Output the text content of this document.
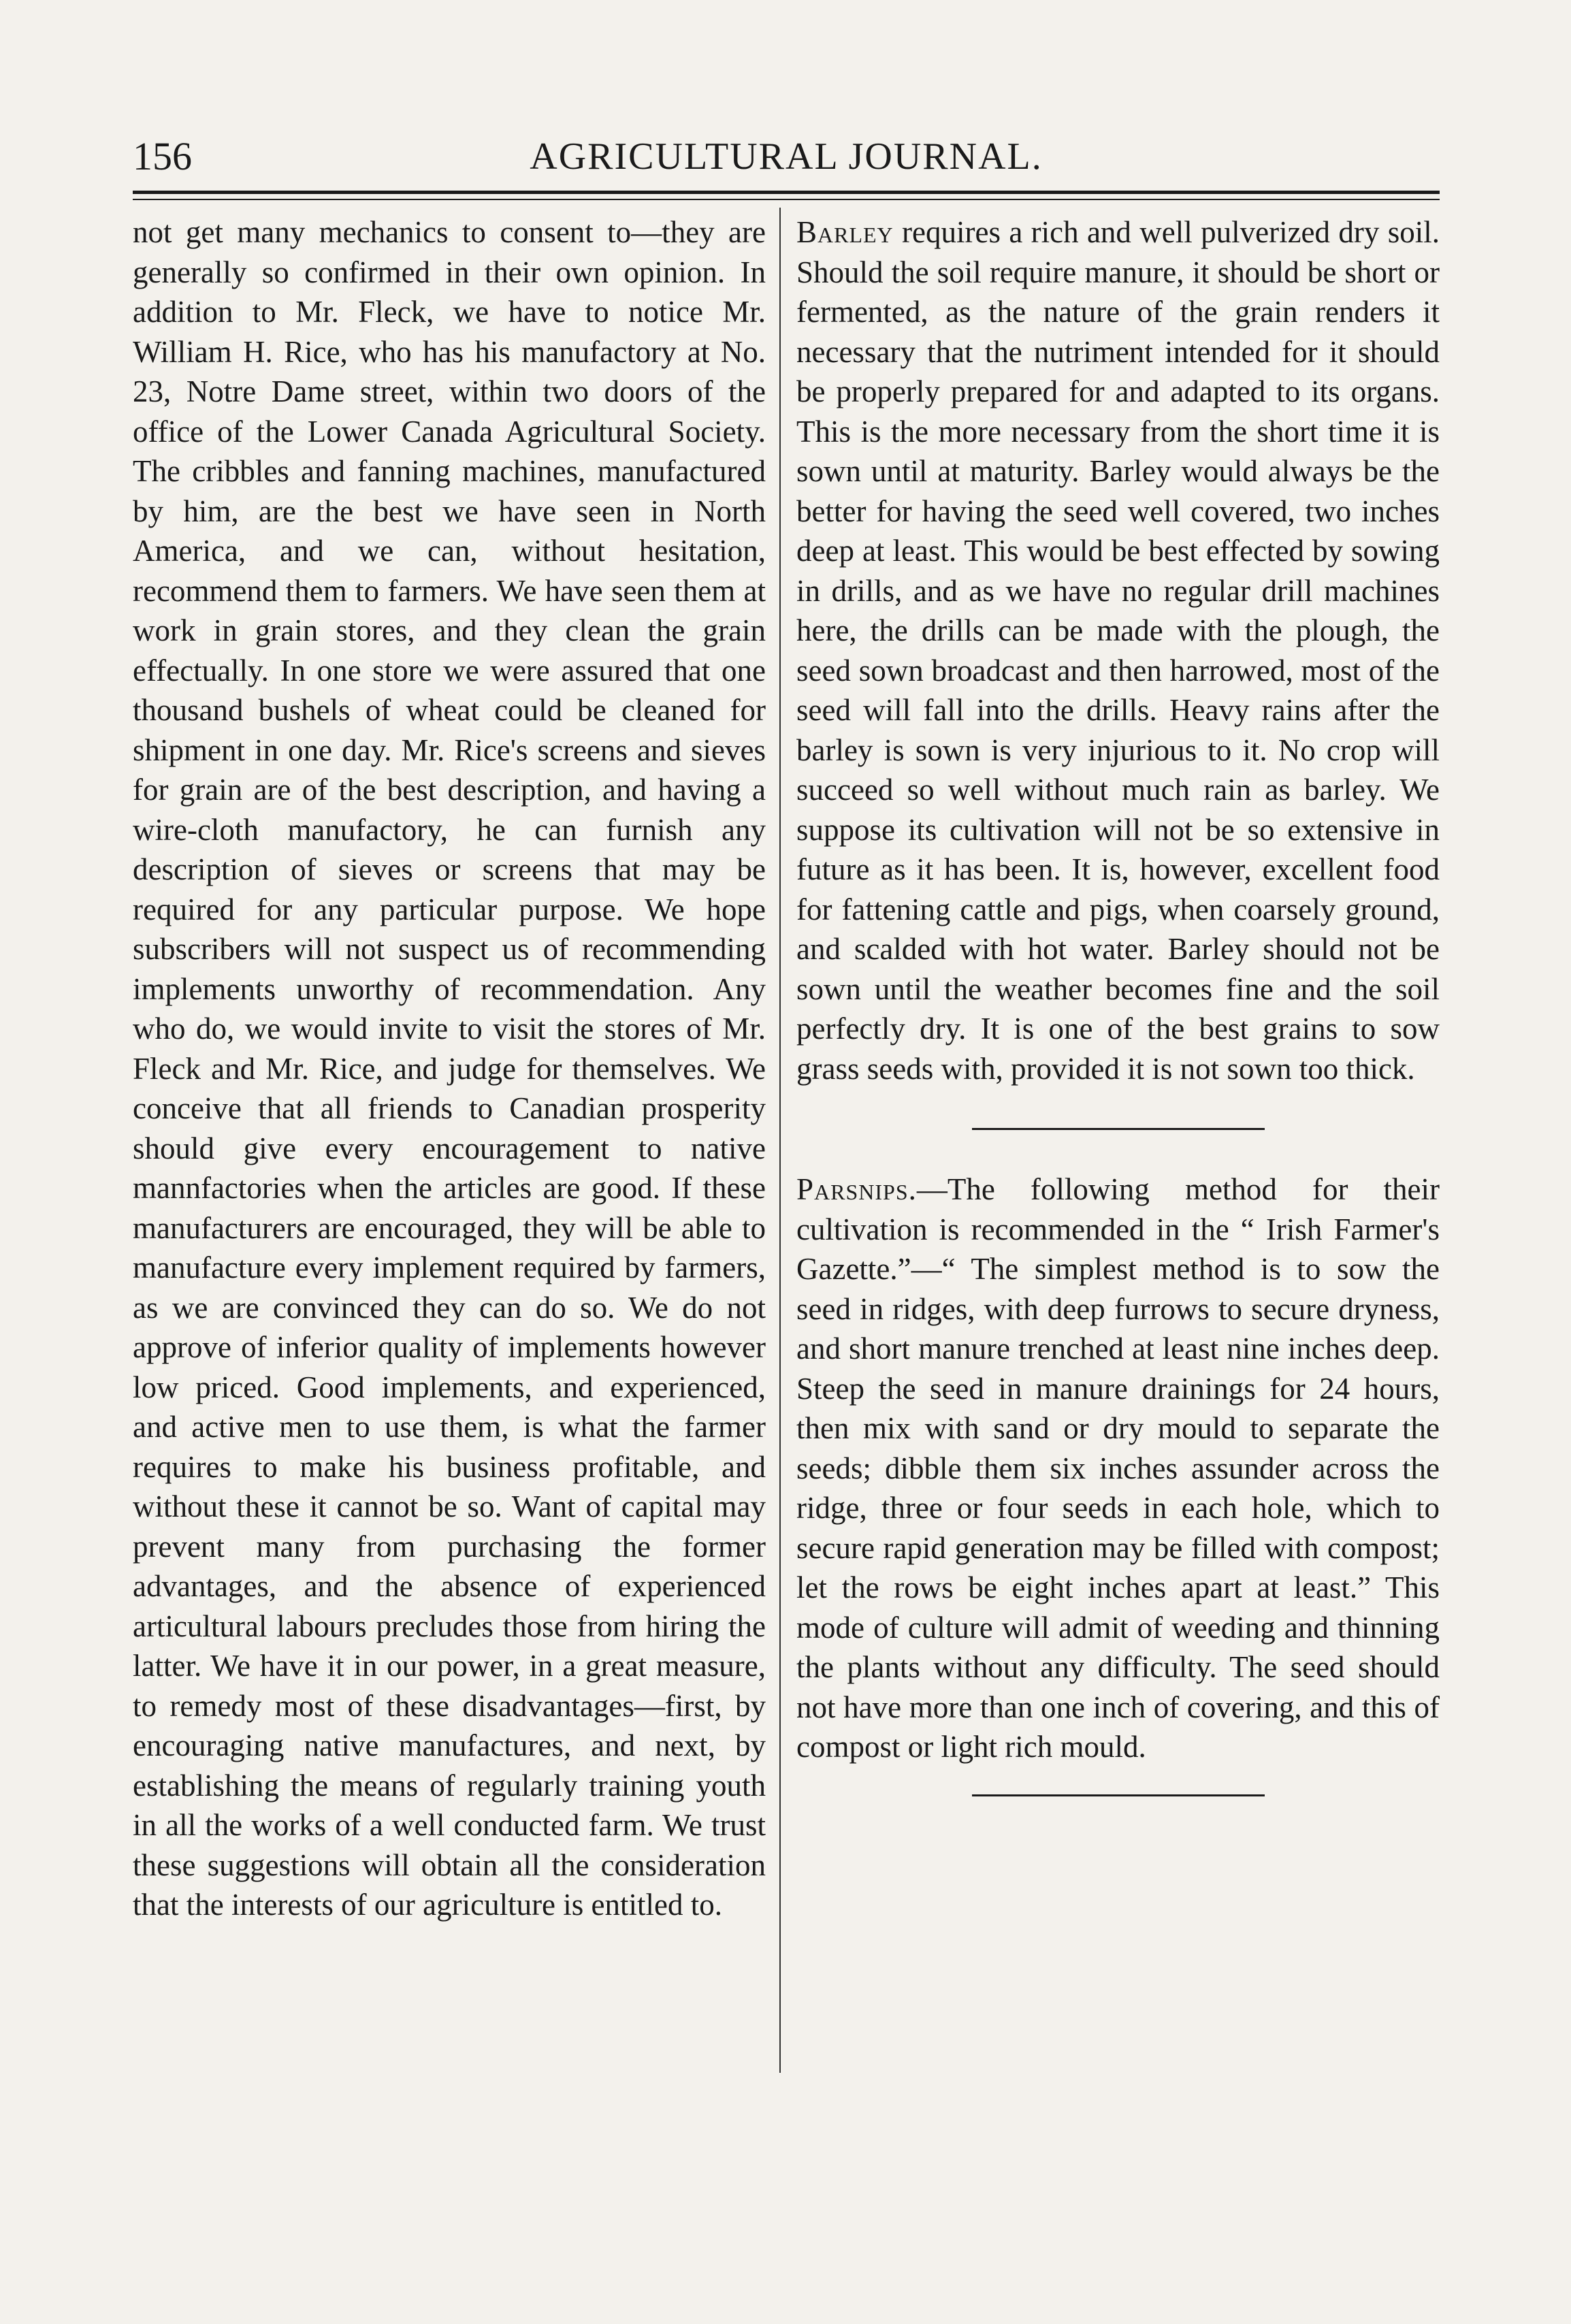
156	AGRICULTURAL JOURNAL.

not get many mechanics to consent to—they are generally so confirmed in their own opinion. In addition to Mr. Fleck, we have to notice Mr. William H. Rice, who has his manufactory at No. 23, Notre Dame street, within two doors of the office of the Lower Canada Agricultural Society. The cribbles and fanning machines, manufactured by him, are the best we have seen in North America, and we can, without hesitation, recommend them to farmers. We have seen them at work in grain stores, and they clean the grain effectually. In one store we were assured that one thousand bushels of wheat could be cleaned for shipment in one day. Mr. Rice's screens and sieves for grain are of the best description, and having a wire-cloth manufactory, he can furnish any description of sieves or screens that may be required for any particular purpose. We hope subscribers will not suspect us of recommending implements unworthy of recommendation. Any who do, we would invite to visit the stores of Mr. Fleck and Mr. Rice, and judge for themselves. We conceive that all friends to Canadian prosperity should give every encouragement to native mannfactories when the articles are good. If these manufacturers are encouraged, they will be able to manufacture every implement required by farmers, as we are convinced they can do so. We do not approve of inferior quality of implements however low priced. Good implements, and experienced, and active men to use them, is what the farmer requires to make his business profitable, and without these it cannot be so. Want of capital may prevent many from purchasing the former advantages, and the absence of experienced articultural labours precludes those from hiring the latter. We have it in our power, in a great measure, to remedy most of these disadvantages—first, by encouraging native manufactures, and next, by establishing the means of regularly training youth in all the works of a well conducted farm. We trust these suggestions will obtain all the consideration that the interests of our agriculture is entitled to.

Barley requires a rich and well pulverized dry soil. Should the soil require manure, it should be short or fermented, as the nature of the grain renders it necessary that the nutriment intended for it should be properly prepared for and adapted to its organs. This is the more necessary from the short time it is sown until at maturity. Barley would always be the better for having the seed well covered, two inches deep at least. This would be best effected by sowing in drills, and as we have no regular drill machines here, the drills can be made with the plough, the seed sown broadcast and then harrowed, most of the seed will fall into the drills. Heavy rains after the barley is sown is very injurious to it. No crop will succeed so well without much rain as barley. We suppose its cultivation will not be so extensive in future as it has been. It is, however, excellent food for fattening cattle and pigs, when coarsely ground, and scalded with hot water. Barley should not be sown until the weather becomes fine and the soil perfectly dry. It is one of the best grains to sow grass seeds with, provided it is not sown too thick.

Parsnips.—The following method for their cultivation is recommended in the “ Irish Farmer's Gazette.”—“ The simplest method is to sow the seed in ridges, with deep furrows to secure dryness, and short manure trenched at least nine inches deep. Steep the seed in manure drainings for 24 hours, then mix with sand or dry mould to separate the seeds; dibble them six inches assunder across the ridge, three or four seeds in each hole, which to secure rapid generation may be filled with compost; let the rows be eight inches apart at least.” This mode of culture will admit of weeding and thinning the plants without any difficulty. The seed should not have more than one inch of covering, and this of compost or light rich mould.
